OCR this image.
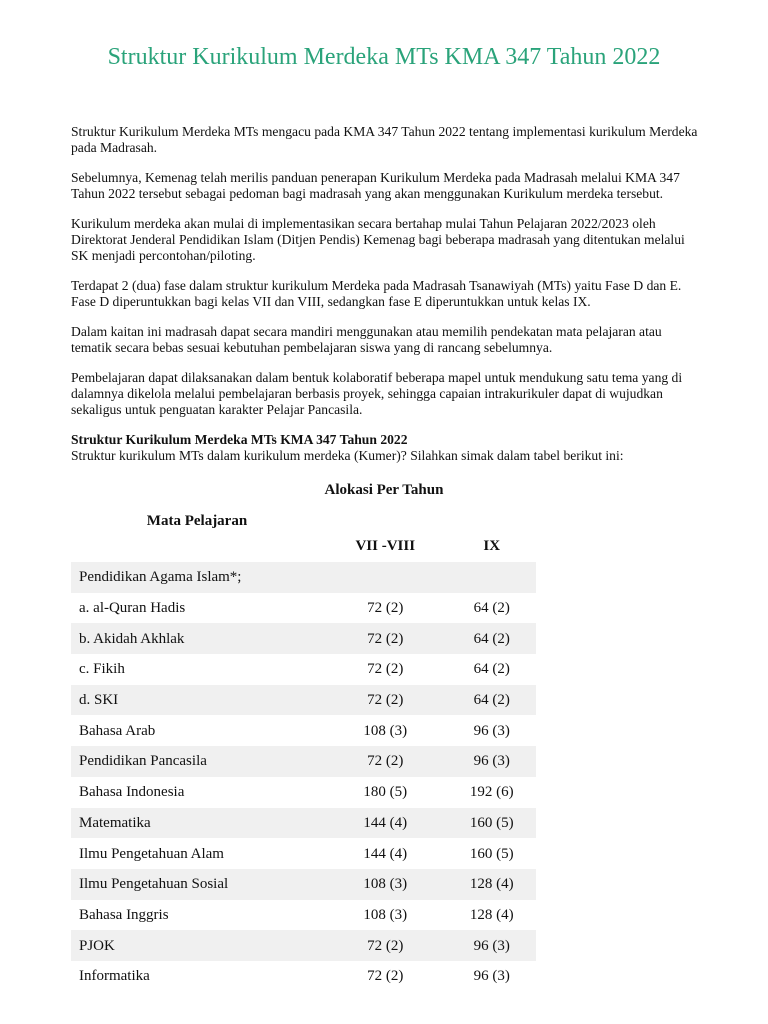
Struktur Kurikulum Merdeka MTs KMA 347 Tahun 2022

Struktur Kurikulum Merdeka MTs mengacu pada KMA 347 Tahun 2022 tentang implementasi kurikulum Merdeka pada Madrasah.

Sebelumnya, Kemenag telah merilis panduan penerapan Kurikulum Merdeka pada Madrasah melalui KMA 347 Tahun 2022 tersebut sebagai pedoman bagi madrasah yang akan menggunakan Kurikulum merdeka tersebut.

Kurikulum merdeka akan mulai di implementasikan secara bertahap mulai Tahun Pelajaran 2022/2023 oleh Direktorat Jenderal Pendidikan Islam (Ditjen Pendis) Kemenag bagi beberapa madrasah yang ditentukan melalui SK menjadi percontohan/piloting.

Terdapat 2 (dua) fase dalam struktur kurikulum Merdeka pada Madrasah Tsanawiyah (MTs) yaitu Fase D dan E. Fase D diperuntukkan bagi kelas VII dan VIII, sedangkan fase E diperuntukkan untuk kelas IX.

Dalam kaitan ini madrasah dapat secara mandiri menggunakan atau memilih pendekatan mata pelajaran atau tematik secara bebas sesuai kebutuhan pembelajaran siswa yang di rancang sebelumnya.

Pembelajaran dapat dilaksanakan dalam bentuk kolaboratif beberapa mapel untuk mendukung satu tema yang di dalamnya dikelola melalui pembelajaran berbasis proyek, sehingga capaian intrakurikuler dapat di wujudkan sekaligus untuk penguatan karakter Pelajar Pancasila.

Struktur Kurikulum Merdeka MTs KMA 347 Tahun 2022

Struktur kurikulum MTs dalam kurikulum merdeka (Kumer)? Silahkan simak dalam tabel berikut ini:

Mata Pelajaran	Alokasi Per Tahun	

	VII -VIII	IX
Pendidikan Agama Islam*;		
a. al-Quran Hadis	72 (2)	64 (2)
b. Akidah Akhlak	72 (2)	64 (2)
c. Fikih	72 (2)	64 (2)
d. SKI	72 (2)	64 (2)
Bahasa Arab	108 (3)	96 (3)
Pendidikan Pancasila	72 (2)	96 (3)
Bahasa Indonesia	180 (5)	192 (6)
Matematika	144 (4)	160 (5)
Ilmu Pengetahuan Alam	144 (4)	160 (5)
Ilmu Pengetahuan Sosial	108 (3)	128 (4)
Bahasa Inggris	108 (3)	128 (4)
PJOK	72 (2)	96 (3)
Informatika	72 (2)	96 (3)
